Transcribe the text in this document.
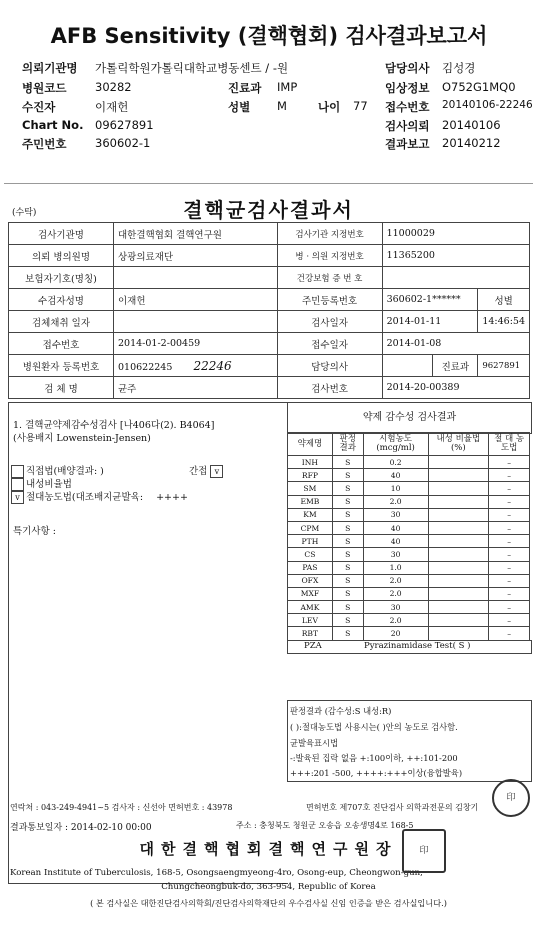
AFB Sensitivity (결핵협회) 검사결과보고서
의뢰기관명 가톨릭학원가톨릭대학교병동센트 / -원	담당의사 김성경
병원코드 30282	진료과 IMP	임상정보 O752G1MQ0
수진자	이재헌	성별 M	나이 77 접수번호 20140106-22246
Chart No. 09627891	검사의뢰 20140106
주민번호 360602-1	결과보고 20140212
(수탁)	결핵균검사결과서
검사기관명	대한결핵협회 결핵연구원	검사기관 지정번호	11000029		
의뢰 병의원명	상광의료재단	병 · 의원 지정번호	11365200		
보험자기호(명칭)		건강보험 증 번 호			
수검자성명	이재헌	주민등록번호	360602-1******		성별
검체채취 일자		검사일자	2014-01-11		14:46:54
접수번호	2014-01-2-00459	접수일자	2014-01-08		
병원환자 등록번호	010622245 22246	담당의사		진료과	9627891
검 체 명	균주	검사번호	2014-20-00389		
1. 결핵균약제감수성검사 [나406다(2). B4064]
(사용배지 Lowenstein-Jensen)
직접법(배양결과: )	간접 v
내성비율법
v 절대농도법(대조배지균발육: ++++
특기사항 :
약제 감수성 검사결과
약제명	판정 결과	시험농도 (mcg/ml)	내성 비율법(%)	절 대 농도법
INH	S	0.2		–
RFP	S	40		–
SM	S	10		–
EMB	S	2.0		–
KM	S	30		–
CPM	S	40		–
PTH	S	40		–
CS	S	30		–
PAS	S	1.0		–
OFX	S	2.0		–
MXF	S	2.0		–
AMK	S	30		–
LEV	S	2.0		–
RBT	S	20		–
PZA	Pyrazinamidase Test( S )
판정결과 (감수성:S 내성:R)
( ):절대농도법 사용시는( )안의 농도로 검사함.
균발육표시법
-:발육된 집락 없음 +:100이하, ++:101-200
+++:201 -500, ++++:+++이상(융합발육)
연락처 : 043-249-4941~5 검사자 : 신선아 면허번호 : 43978	면허번호 제707호 진단검사 의학과전문의 김창기
결과통보일자 : 2014-02-10 00:00	주소 : 충청북도 청원군 오송읍 오송생명4로 168-5
대한결핵협회결핵연구원장
Korean Institute of Tuberculosis, 168-5, Osongsaengmyeong-4ro, Osong-eup, Cheongwon-gun,
Chungcheongbuk-do, 363-954, Republic of Korea
( 본 검사실은 대한진단검사의학회/진단검사의학재단의 우수검사실 신임 인증을 받은 검사실입니다.)
印
印
